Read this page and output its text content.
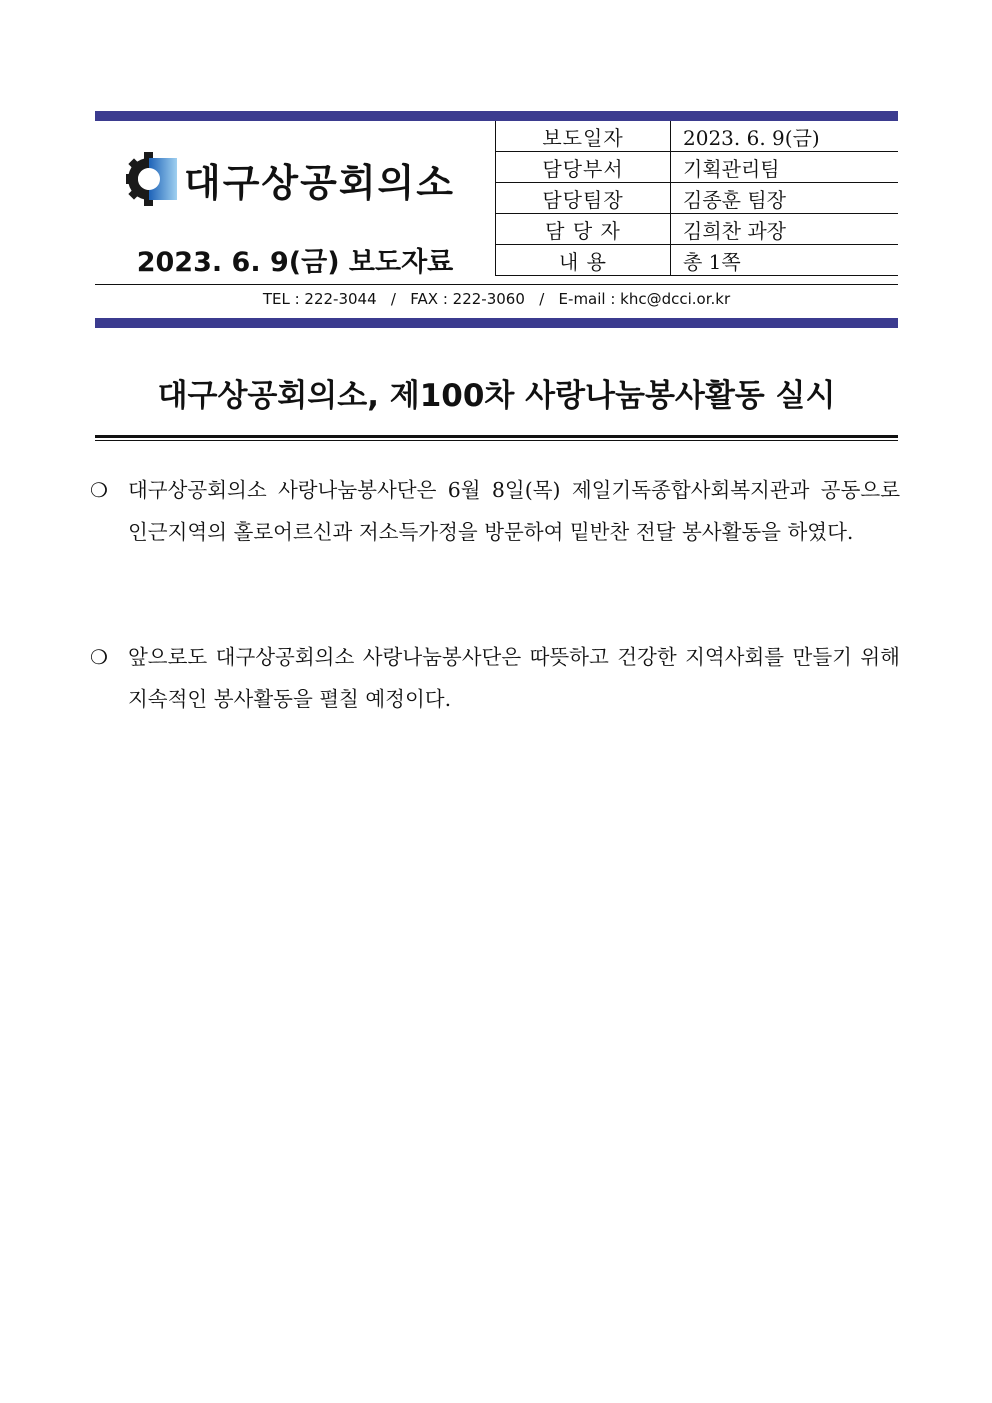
대구상공회의소
2023. 6. 9(금) 보도자료
보도일자	2023. 6. 9(금)
담당부서	기획관리팀
담당팀장	김종훈 팀장
담 당 자	김희찬 과장
내 용	총 1쪽
TEL : 222-3044   /   FAX : 222-3060   /   E-mail : khc@dcci.or.kr
대구상공회의소, 제100차 사랑나눔봉사활동 실시
❍ 대구상공회의소 사랑나눔봉사단은 6월 8일(목) 제일기독종합사회복지관과 공동으로 인근지역의 홀로어르신과 저소득가정을 방문하여 밑반찬 전달 봉사활동을 하였다.
❍ 앞으로도 대구상공회의소 사랑나눔봉사단은 따뜻하고 건강한 지역사회를 만들기 위해 지속적인 봉사활동을 펼칠 예정이다.
